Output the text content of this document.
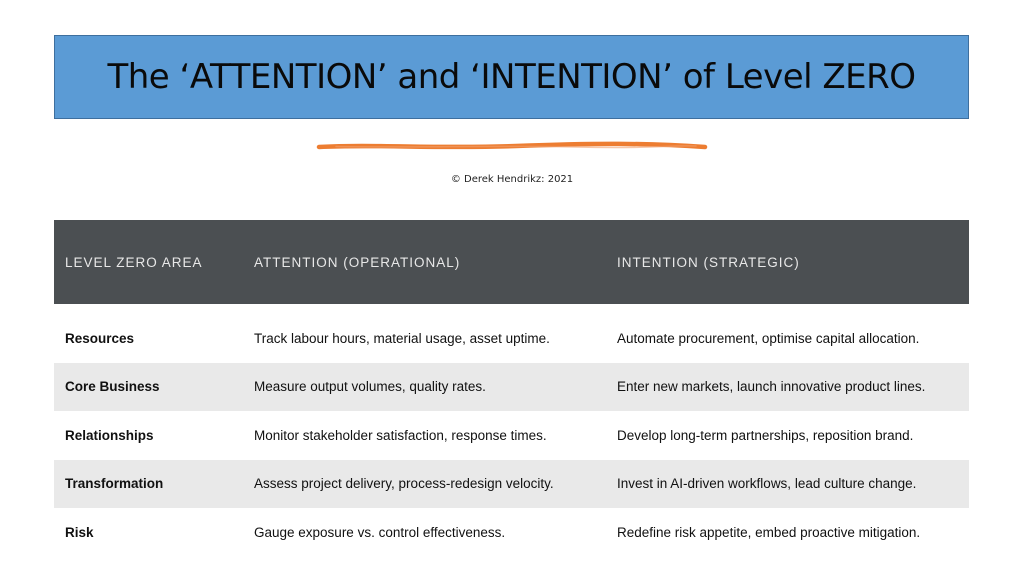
The ‘ATTENTION’ and ‘INTENTION’ of Level ZERO
© Derek Hendrikz: 2021
LEVEL ZERO AREA	ATTENTION (OPERATIONAL)	INTENTION (STRATEGIC)
Resources	Track labour hours, material usage, asset uptime.	Automate procurement, optimise capital allocation.
Core Business	Measure output volumes, quality rates.	Enter new markets, launch innovative product lines.
Relationships	Monitor stakeholder satisfaction, response times.	Develop long-term partnerships, reposition brand.
Transformation	Assess project delivery, process-redesign velocity.	Invest in AI-driven workflows, lead culture change.
Risk	Gauge exposure vs. control effectiveness.	Redefine risk appetite, embed proactive mitigation.
